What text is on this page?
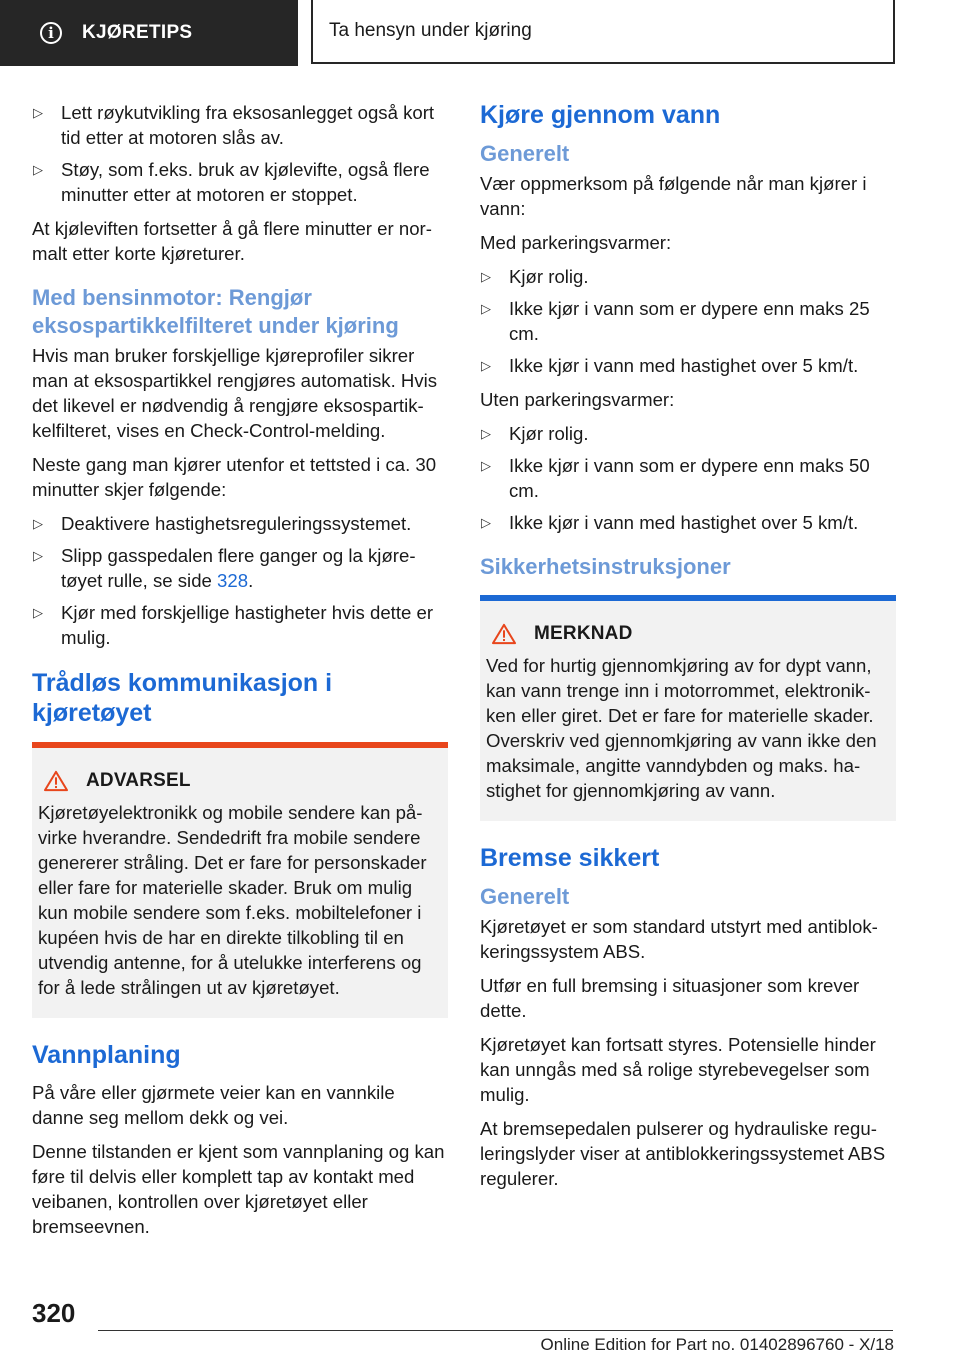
i	KJØRETIPS	Ta hensyn under kjøring
▷ Lett røykutvikling fra eksosanlegget også kort tid etter at motoren slås av.
▷ Støy, som f.eks. bruk av kjølevifte, også flere minutter etter at motoren er stoppet.

At kjøleviften fortsetter å gå flere minutter er normalt etter korte kjøreturer.

Med bensinmotor: Rengjør eksospartikkelfilteret under kjøring

Hvis man bruker forskjellige kjøreprofiler sikrer man at eksospartikkel rengjøres automatisk. Hvis det likevel er nødvendig å rengjøre eksospartikkelfilteret, vises en Check-Control-melding.

Neste gang man kjører utenfor et tettsted i ca. 30 minutter skjer følgende:

▷ Deaktivere hastighetsreguleringssystemet.
▷ Slipp gasspedalen flere ganger og la kjøretøyet rulle, se side 328.
▷ Kjør med forskjellige hastigheter hvis dette er mulig.
Trådløs kommunikasjon i kjøretøyet
ADVARSEL

Kjøretøyelektronikk og mobile sendere kan påvirke hverandre. Sendedrift fra mobile sendere genererer stråling. Det er fare for personskader eller fare for materielle skader. Bruk om mulig kun mobile sendere som f.eks. mobiltelefoner i kupéen hvis de har en direkte tilkobling til en utvendig antenne, for å utelukke interferens og for å lede strålingen ut av kjøretøyet.

Vannplaning

På våre eller gjørmete veier kan en vannkile danne seg mellom dekk og vei.

Denne tilstanden er kjent som vannplaning og kan føre til delvis eller komplett tap av kontakt med veibanen, kontrollen over kjøretøyet eller bremseevnen.

Kjøre gjennom vann
Generelt

Vær oppmerksom på følgende når man kjører i vann:

Med parkeringsvarmer:

▷ Kjør rolig.
▷ Ikke kjør i vann som er dypere enn maks 25 cm.
▷ Ikke kjør i vann med hastighet over 5 km/t.

Uten parkeringsvarmer:

▷ Kjør rolig.
▷ Ikke kjør i vann som er dypere enn maks 50 cm.
▷ Ikke kjør i vann med hastighet over 5 km/t.
Sikkerhetsinstruksjoner
MERKNAD

Ved for hurtig gjennomkjøring av for dypt vann, kan vann trenge inn i motorrommet, elektronikken eller giret. Det er fare for materielle skader. Overskriv ved gjennomkjøring av vann ikke den maksimale, angitte vanndybden og maks. hastighet for gjennomkjøring av vann.

Bremse sikkert
Generelt

Kjøretøyet er som standard utstyrt med antiblokkeringssystem ABS.

Utfør en full bremsing i situasjoner som krever dette.

Kjøretøyet kan fortsatt styres. Potensielle hinder kan unngås med så rolige styrebevegelser som mulig.

At bremsepedalen pulserer og hydrauliske reguleringslyder viser at antiblokkeringssystemet ABS regulerer.

320
Online Edition for Part no. 01402896760 - X/18
